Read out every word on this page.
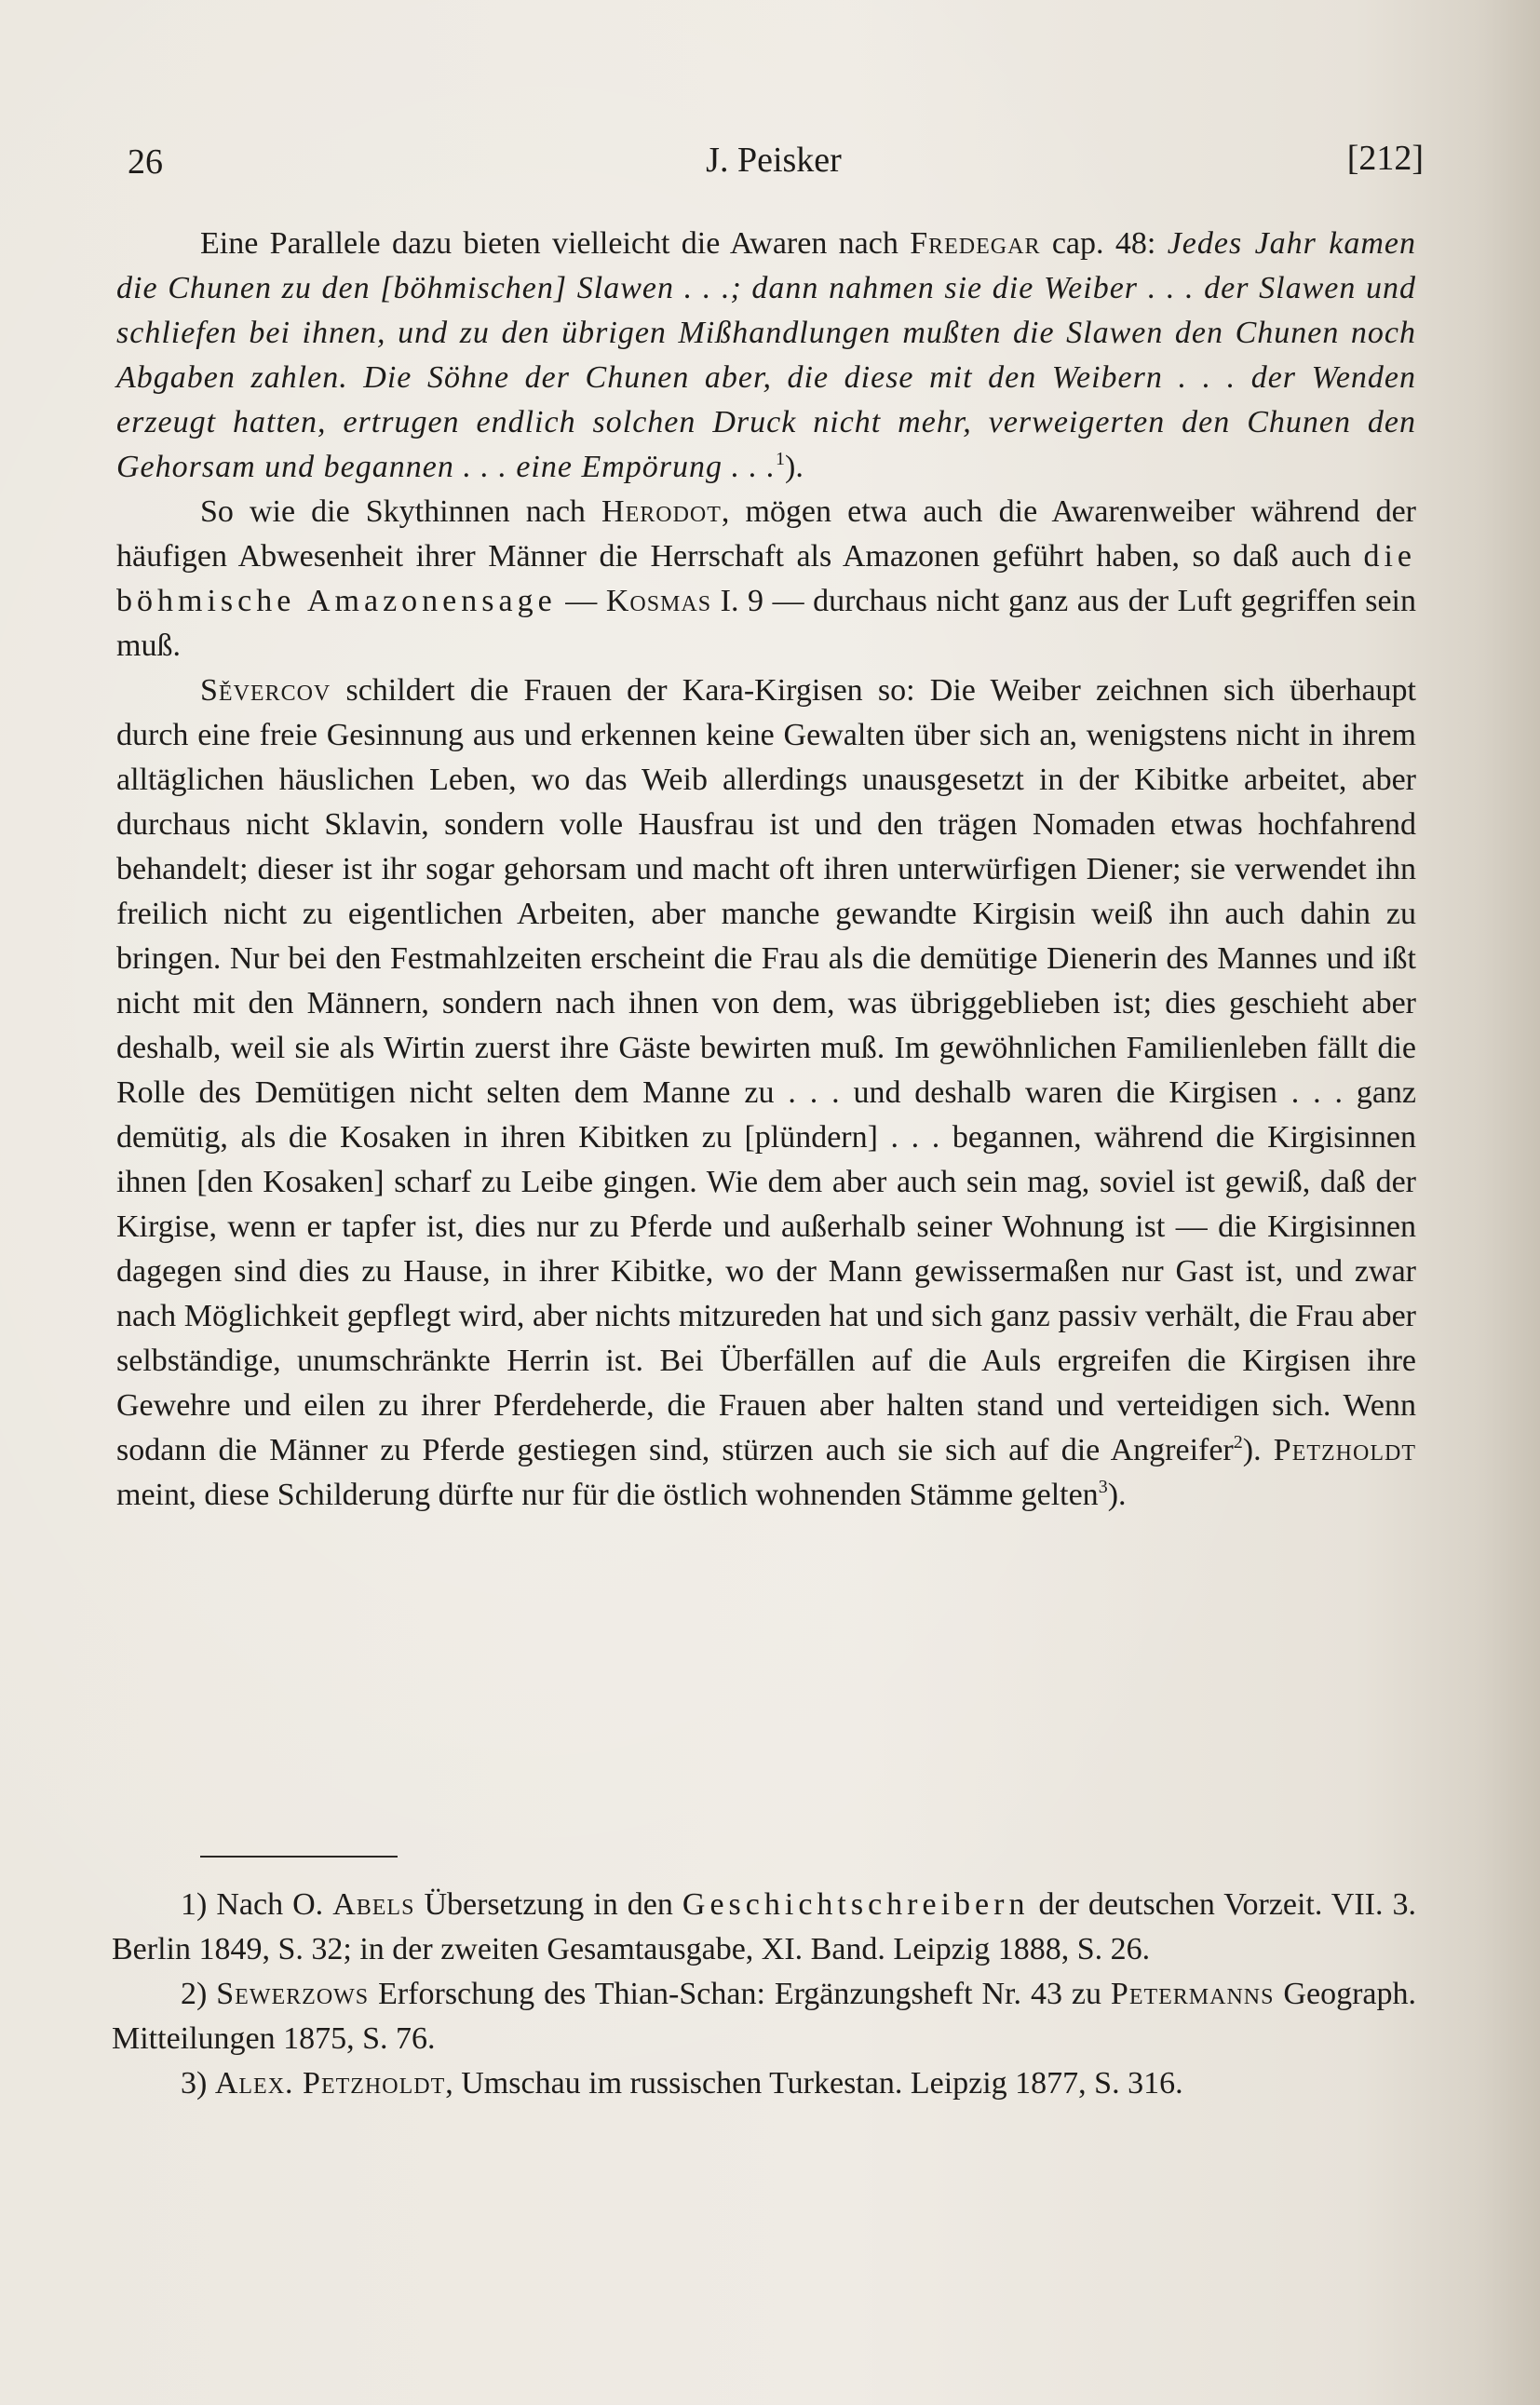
26	J. Peisker	[212]

Eine Parallele dazu bieten vielleicht die Awaren nach Fredegar cap. 48: Jedes Jahr kamen die Chunen zu den [böhmischen] Slawen . . .; dann nahmen sie die Weiber . . . der Slawen und schliefen bei ihnen, und zu den übrigen Mißhandlungen mußten die Slawen den Chunen noch Abgaben zahlen. Die Söhne der Chunen aber, die diese mit den Weibern . . . der Wenden erzeugt hatten, ertrugen endlich solchen Druck nicht mehr, verweigerten den Chunen den Gehorsam und begannen . . . eine Empörung . . .$^1$).

So wie die Skythinnen nach Herodot, mögen etwa auch die Awarenweiber während der häufigen Abwesenheit ihrer Männer die Herrschaft als Amazonen geführt haben, so daß auch die böhmische Amazonensage — Kosmas I. 9 — durchaus nicht ganz aus der Luft gegriffen sein muß.

Sěvercov schildert die Frauen der Kara-Kirgisen so: Die Weiber zeichnen sich überhaupt durch eine freie Gesinnung aus und erkennen keine Gewalten über sich an, wenigstens nicht in ihrem alltäglichen häuslichen Leben, wo das Weib allerdings unausgesetzt in der Kibitke arbeitet, aber durchaus nicht Sklavin, sondern volle Hausfrau ist und den trägen Nomaden etwas hochfahrend behandelt; dieser ist ihr sogar gehorsam und macht oft ihren unterwürfigen Diener; sie verwendet ihn freilich nicht zu eigentlichen Arbeiten, aber manche gewandte Kirgisin weiß ihn auch dahin zu bringen. Nur bei den Festmahlzeiten erscheint die Frau als die demütige Dienerin des Mannes und ißt nicht mit den Männern, sondern nach ihnen von dem, was übriggeblieben ist; dies geschieht aber deshalb, weil sie als Wirtin zuerst ihre Gäste bewirten muß. Im gewöhnlichen Familienleben fällt die Rolle des Demütigen nicht selten dem Manne zu . . . und deshalb waren die Kirgisen . . . ganz demütig, als die Kosaken in ihren Kibitken zu [plündern] . . . begannen, während die Kirgisinnen ihnen [den Kosaken] scharf zu Leibe gingen. Wie dem aber auch sein mag, soviel ist gewiß, daß der Kirgise, wenn er tapfer ist, dies nur zu Pferde und außerhalb seiner Wohnung ist — die Kirgisinnen dagegen sind dies zu Hause, in ihrer Kibitke, wo der Mann gewissermaßen nur Gast ist, und zwar nach Möglichkeit gepflegt wird, aber nichts mitzureden hat und sich ganz passiv verhält, die Frau aber selbständige, unumschränkte Herrin ist. Bei Überfällen auf die Auls ergreifen die Kirgisen ihre Gewehre und eilen zu ihrer Pferdeherde, die Frauen aber halten stand und verteidigen sich. Wenn sodann die Männer zu Pferde gestiegen sind, stürzen auch sie sich auf die Angreifer$^2$). Petzholdt meint, diese Schilderung dürfte nur für die östlich wohnenden Stämme gelten$^3$).

1) Nach O. Abels Übersetzung in den Geschichtschreibern der deutschen Vorzeit. VII. 3. Berlin 1849, S. 32; in der zweiten Gesamtausgabe, XI. Band. Leipzig 1888, S. 26.

2) Sewerzows Erforschung des Thian-Schan: Ergänzungsheft Nr. 43 zu Petermanns Geograph. Mitteilungen 1875, S. 76.

3) Alex. Petzholdt, Umschau im russischen Turkestan. Leipzig 1877, S. 316.
